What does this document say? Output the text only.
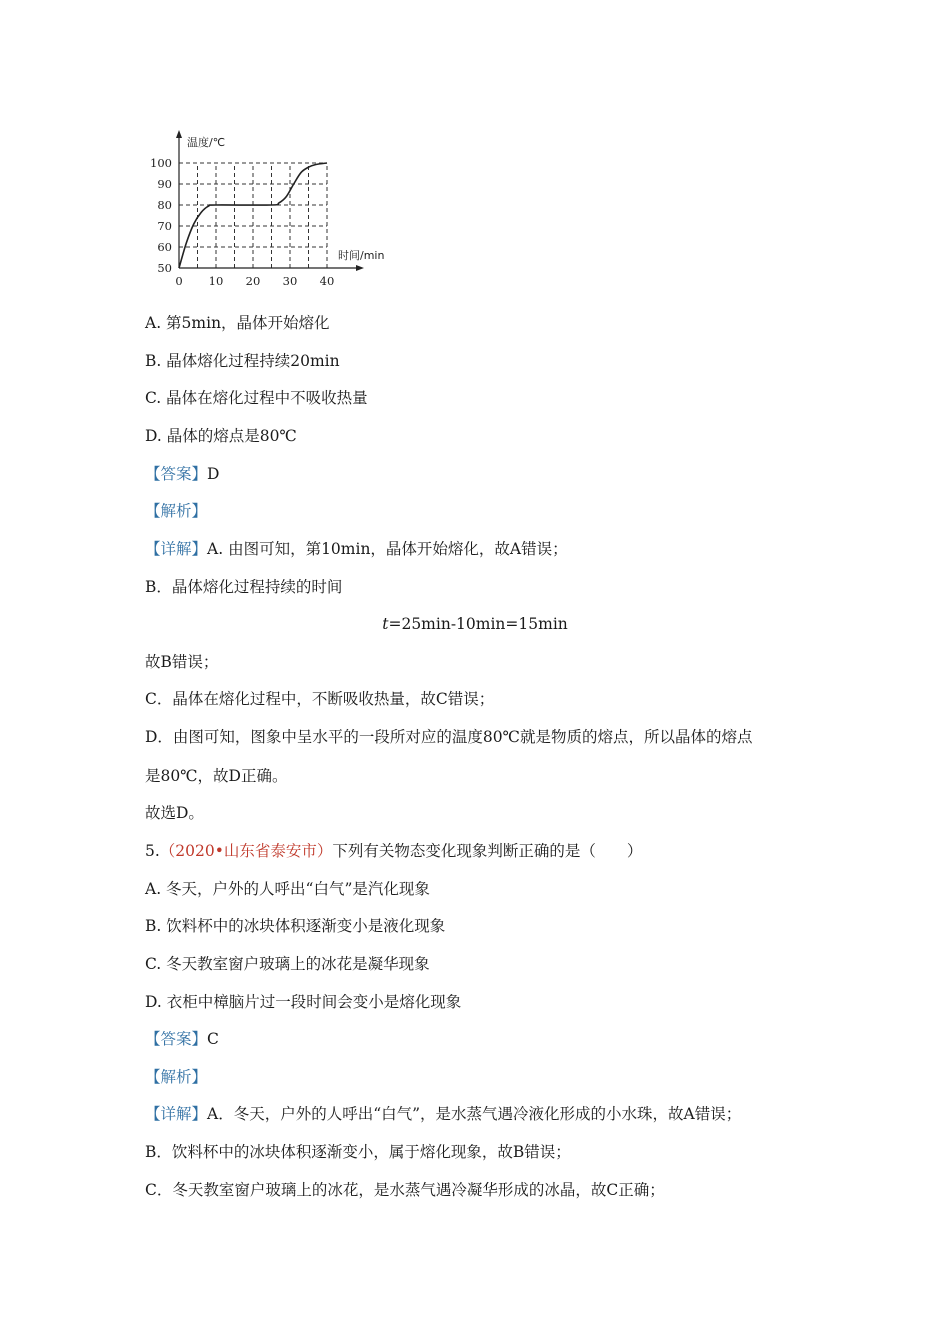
温度/℃
时间/min
0 10 20 30 40
50
60
70
80
90
100
A. 第5min，晶体开始熔化
B. 晶体熔化过程持续20min
C. 晶体在熔化过程中不吸收热量
D. 晶体的熔点是80℃
【答案】D
【解析】
【详解】A. 由图可知，第10min，晶体开始熔化，故A错误；
B．晶体熔化过程持续的时间
t=25min-10min=15min
故B错误；
C．晶体在熔化过程中，不断吸收热量，故C错误；
D．由图可知，图象中呈水平的一段所对应的温度80℃就是物质的熔点，所以晶体的熔点
是80℃，故D正确。
故选D。
5.（2020•山东省泰安市）下列有关物态变化现象判断正确的是（　　）
A. 冬天，户外的人呼出“白气”是汽化现象
B. 饮料杯中的冰块体积逐渐变小是液化现象
C. 冬天教室窗户玻璃上的冰花是凝华现象
D. 衣柜中樟脑片过一段时间会变小是熔化现象
【答案】C
【解析】
【详解】A．冬天，户外的人呼出“白气”，是水蒸气遇冷液化形成的小水珠，故A错误；
B．饮料杯中的冰块体积逐渐变小，属于熔化现象，故B错误；
C．冬天教室窗户玻璃上的冰花，是水蒸气遇冷凝华形成的冰晶，故C正确；
